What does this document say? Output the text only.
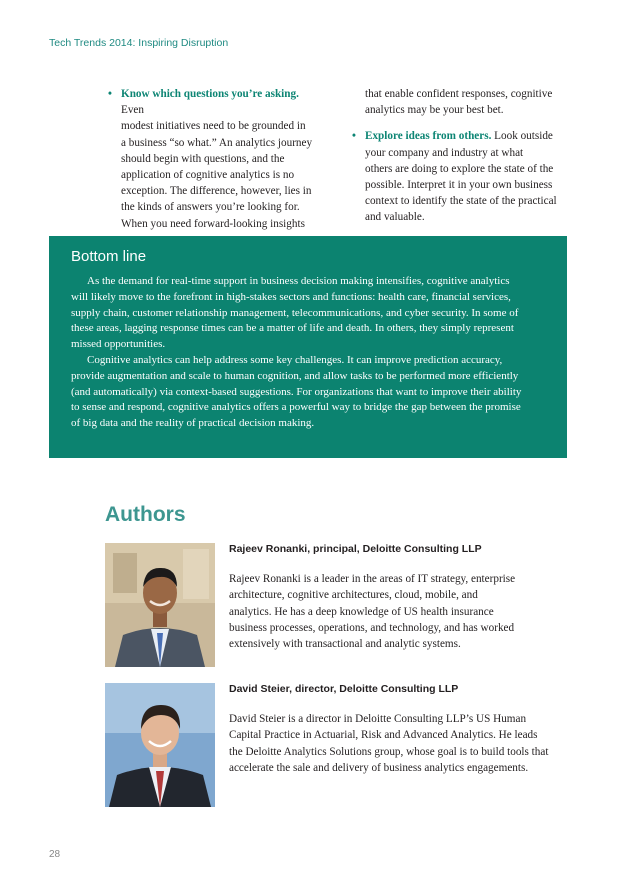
Tech Trends 2014: Inspiring Disruption
• Know which questions you’re asking. Even
modest initiatives need to be grounded in
a business “so what.” An analytics journey
should begin with questions, and the
application of cognitive analytics is no
exception. The difference, however, lies in
the kinds of answers you’re looking for.
When you need forward-looking insights
that enable confident responses, cognitive
analytics may be your best bet.
• Explore ideas from others. Look outside
your company and industry at what
others are doing to explore the state of the
possible. Interpret it in your own business
context to identify the state of the practical
and valuable.
Bottom line

As the demand for real-time support in business decision making intensifies, cognitive analytics
will likely move to the forefront in high-stakes sectors and functions: health care, financial services,
supply chain, customer relationship management, telecommunications, and cyber security. In some of
these areas, lagging response times can be a matter of life and death. In others, they simply represent
missed opportunities.

Cognitive analytics can help address some key challenges. It can improve prediction accuracy,
provide augmentation and scale to human cognition, and allow tasks to be performed more efficiently
(and automatically) via context-based suggestions. For organizations that want to improve their ability
to sense and respond, cognitive analytics offers a powerful way to bridge the gap between the promise
of big data and the reality of practical decision making.

Authors
Rajeev Ronanki, principal, Deloitte Consulting LLP
Rajeev Ronanki is a leader in the areas of IT strategy, enterprise
architecture, cognitive architectures, cloud, mobile, and
analytics. He has a deep knowledge of US health insurance
business processes, operations, and technology, and has worked
extensively with transactional and analytic systems.
David Steier, director, Deloitte Consulting LLP
David Steier is a director in Deloitte Consulting LLP’s US Human
Capital Practice in Actuarial, Risk and Advanced Analytics. He leads
the Deloitte Analytics Solutions group, whose goal is to build tools that
accelerate the sale and delivery of business analytics engagements.
28
